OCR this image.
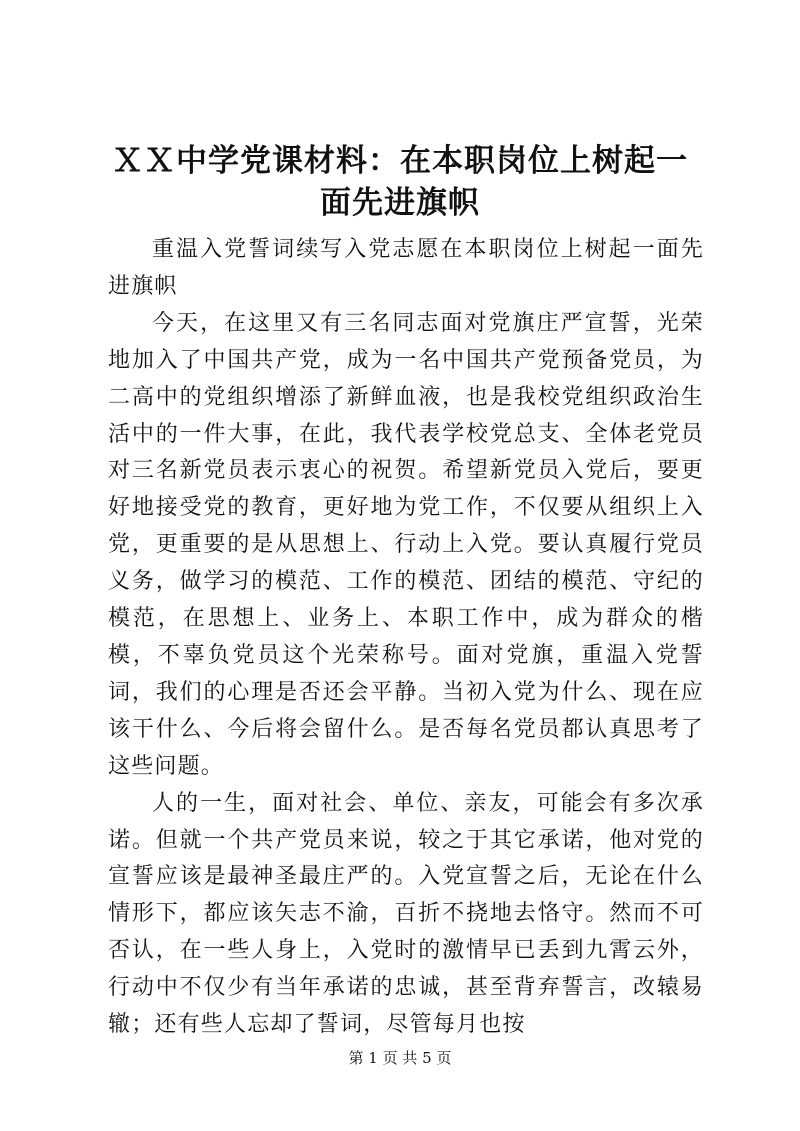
ＸＸ中学党课材料：在本职岗位上树起一面先进旗帜

重温入党誓词续写入党志愿在本职岗位上树起一面先进旗帜

今天，在这里又有三名同志面对党旗庄严宣誓，光荣地加入了中国共产党，成为一名中国共产党预备党员，为二高中的党组织增添了新鲜血液，也是我校党组织政治生活中的一件大事，在此，我代表学校党总支、全体老党员对三名新党员表示衷心的祝贺。希望新党员入党后，要更好地接受党的教育，更好地为党工作，不仅要从组织上入党，更重要的是从思想上、行动上入党。要认真履行党员义务，做学习的模范、工作的模范、团结的模范、守纪的模范，在思想上、业务上、本职工作中，成为群众的楷模，不辜负党员这个光荣称号。面对党旗，重温入党誓词，我们的心理是否还会平静。当初入党为什么、现在应该干什么、今后将会留什么。是否每名党员都认真思考了这些问题。

人的一生，面对社会、单位、亲友，可能会有多次承诺。但就一个共产党员来说，较之于其它承诺，他对党的宣誓应该是最神圣最庄严的。入党宣誓之后，无论在什么情形下，都应该矢志不渝，百折不挠地去恪守。然而不可否认，在一些人身上，入党时的激情早已丢到九霄云外，行动中不仅少有当年承诺的忠诚，甚至背弃誓言，改辕易辙；还有些人忘却了誓词，尽管每月也按

第 1 页 共 5 页
